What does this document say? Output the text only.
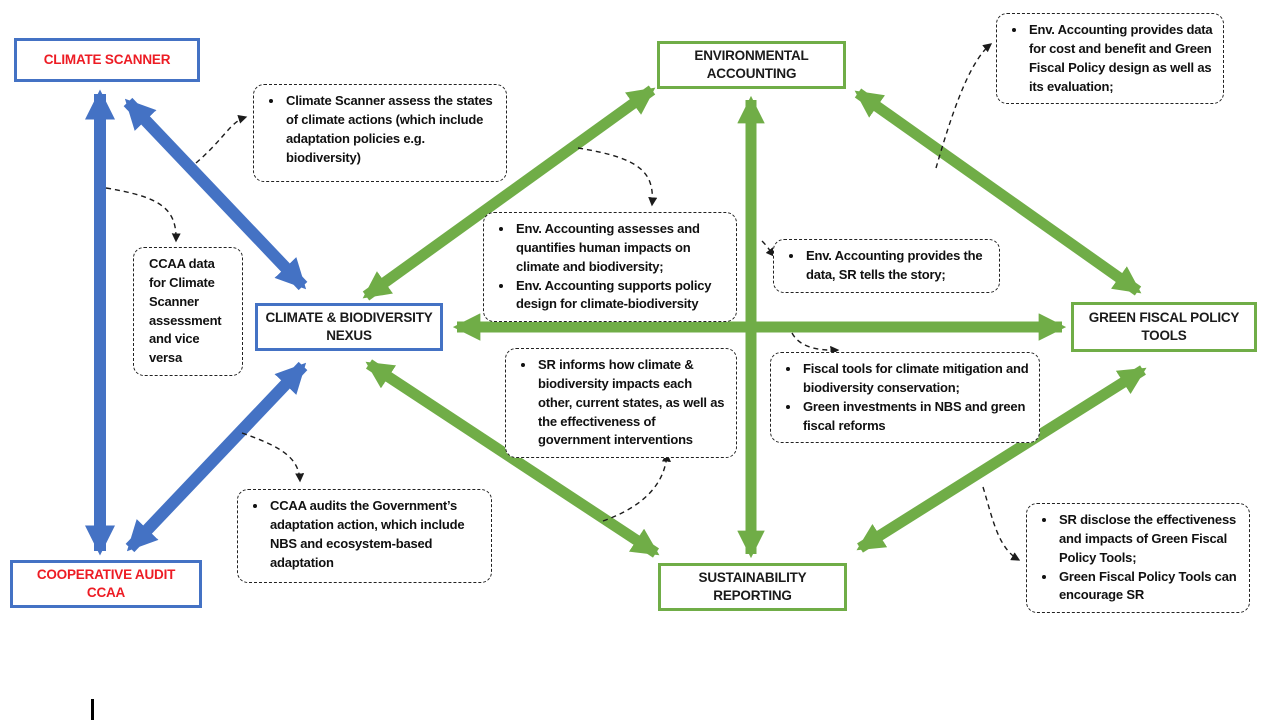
CLIMATE SCANNER
COOPERATIVE AUDIT CCAA
CLIMATE & BIODIVERSITY NEXUS
ENVIRONMENTAL ACCOUNTING
GREEN FISCAL POLICY TOOLS
SUSTAINABILITY REPORTING
• Climate Scanner assess the states of climate actions (which include adaptation policies e.g. biodiversity)
CCAA data for Climate Scanner assessment and vice versa
• Env. Accounting assesses and quantifies human impacts on climate and biodiversity;
• Env. Accounting supports policy design for climate-biodiversity
• Env. Accounting provides the data, SR tells the story;
• Env. Accounting provides data for cost and benefit and Green Fiscal Policy design as well as its evaluation;
• SR informs how climate & biodiversity impacts each other, current states, as well as the effectiveness of government interventions
• Fiscal tools for climate mitigation and biodiversity conservation;
• Green investments in NBS and green fiscal reforms
• CCAA audits the Government’s adaptation action, which include NBS and ecosystem-based adaptation
• SR disclose the effectiveness and impacts of Green Fiscal Policy Tools;
• Green Fiscal Policy Tools can encourage SR
